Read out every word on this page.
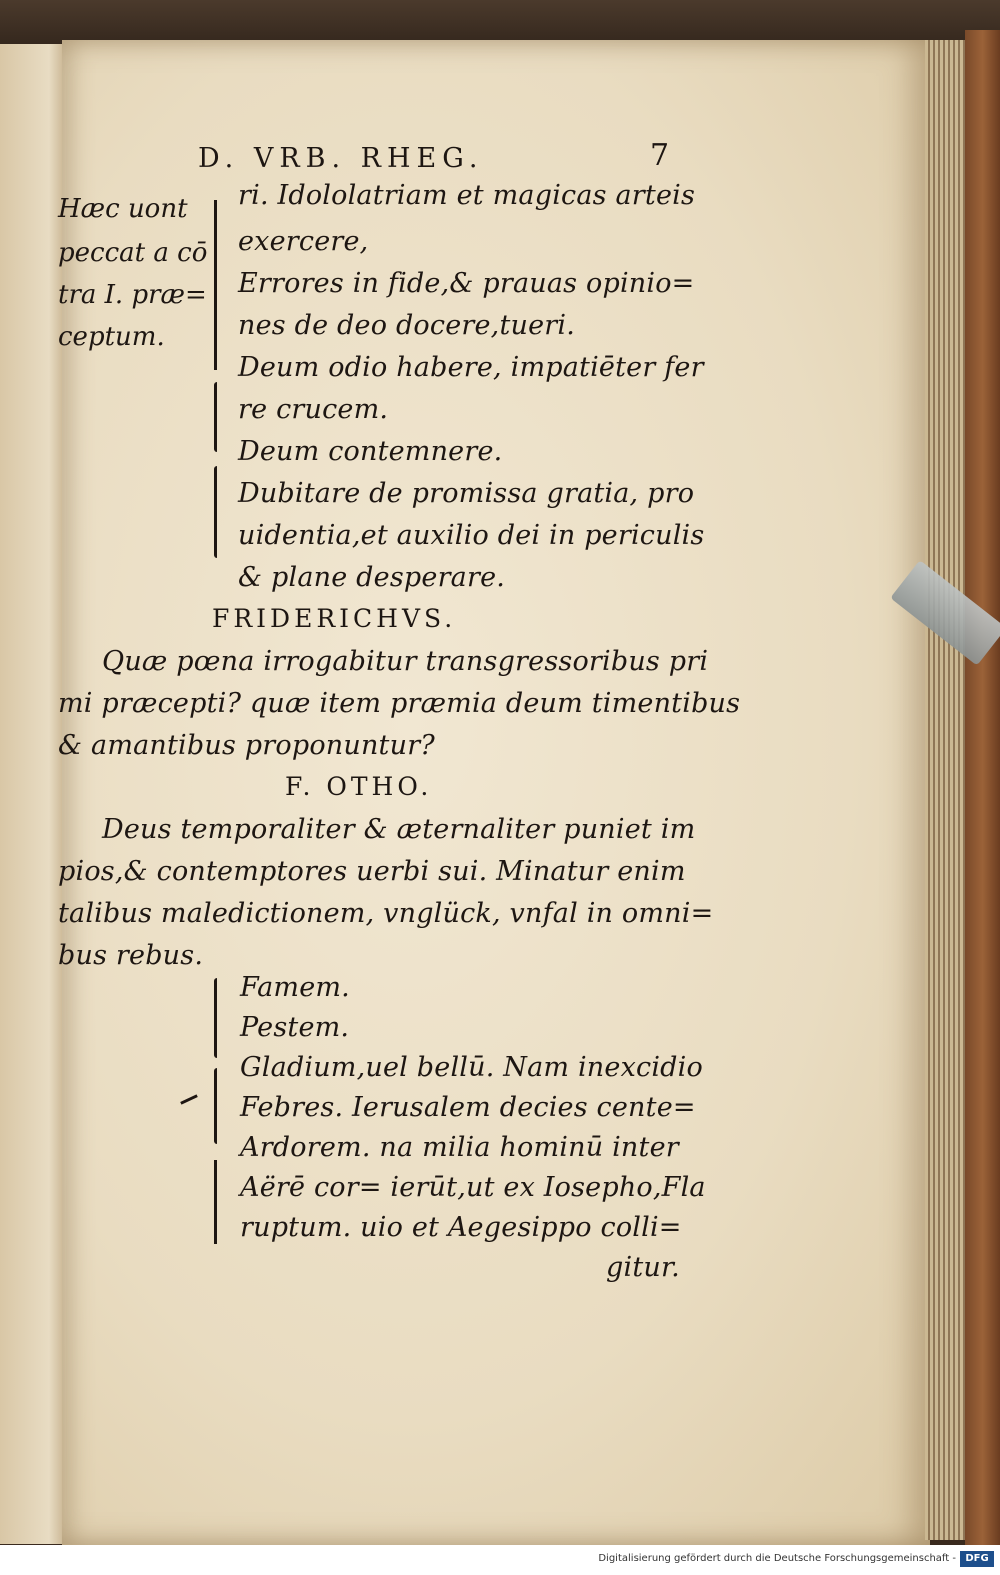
D. VRB. RHEG.	7
Hæc uont
peccat a cō
tra I. præ=
ceptum.
ri. Idololatriam et magicas arteis
exercere,
Errores in fide,& prauas opinio=
nes de deo docere,tueri.
Deum odio habere, impatiēter fer
re crucem.
Deum contemnere.
Dubitare de promissa gratia, pro
uidentia,et auxilio dei in periculis
& plane desperare.
FRIDERICHVS.
Quæ pœna irrogabitur transgressoribus pri
mi præcepti? quæ item præmia deum timentibus
& amantibus proponuntur?
F. OTHO.
Deus temporaliter & æternaliter puniet im
pios,& contemptores uerbi sui. Minatur enim
talibus maledictionem, vnglück, vnfal in omni=
bus rebus.
Famem.
Pestem.
Gladium,uel bellū. Nam inexcidio
Febres. Ierusalem decies cente=
Ardorem. na milia hominū inter
Aërē cor= ierūt,ut ex Iosepho,Fla
ruptum. uio et Aegesippo colli=
gitur.
Digitalisierung gefördert durch die Deutsche Forschungsgemeinschaft - DFG
